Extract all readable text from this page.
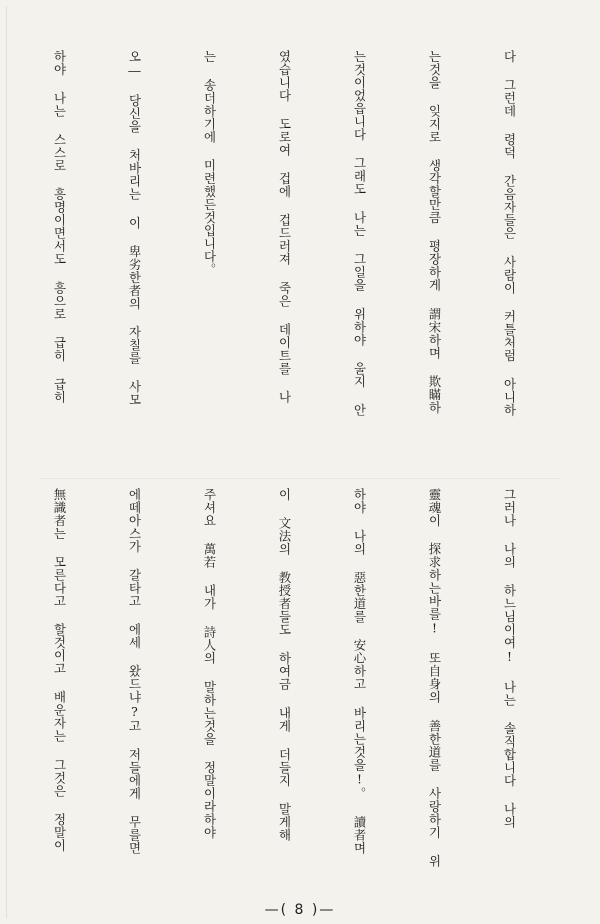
다 그런데 령덕 간음자들은 사람이 커틀처럼 아니하

는것을 잊지로 생각할만큼 평장하게 謂宋하며 欺瞞하

는것이었읍니다 그래도 나는 그일을 위하야 울지 안

였습니다 도로여 겁에 겁드러져 죽은 데이트를 나

는 송더하기에 미련했든것입니다。

오― 당신을 처바리는 이 卑劣한者의 자칠를 사모

하야 나는 스스로 흥명이면서도 흥으로 급히 급히

그러나 나의 하느님이여! 나는 솔직합니다 나의

靈魂이 探求하는바를! 또自身의 善한道를 사랑하기 위

하야 나의 惡한道를 安心하고 바리는것을!。 讀者며

이 文法의 教授者들도 하여금 내게 더들지 말게해

주셔요 萬若 내가 詩人의 말하는것을 정말이라하야

에떼아스가 갈타고 에세 왔드냐?고 저들에게 무를면

無識者는 모른다고 할것이고 배운자는 그것은 정말이

—( 8 )—
